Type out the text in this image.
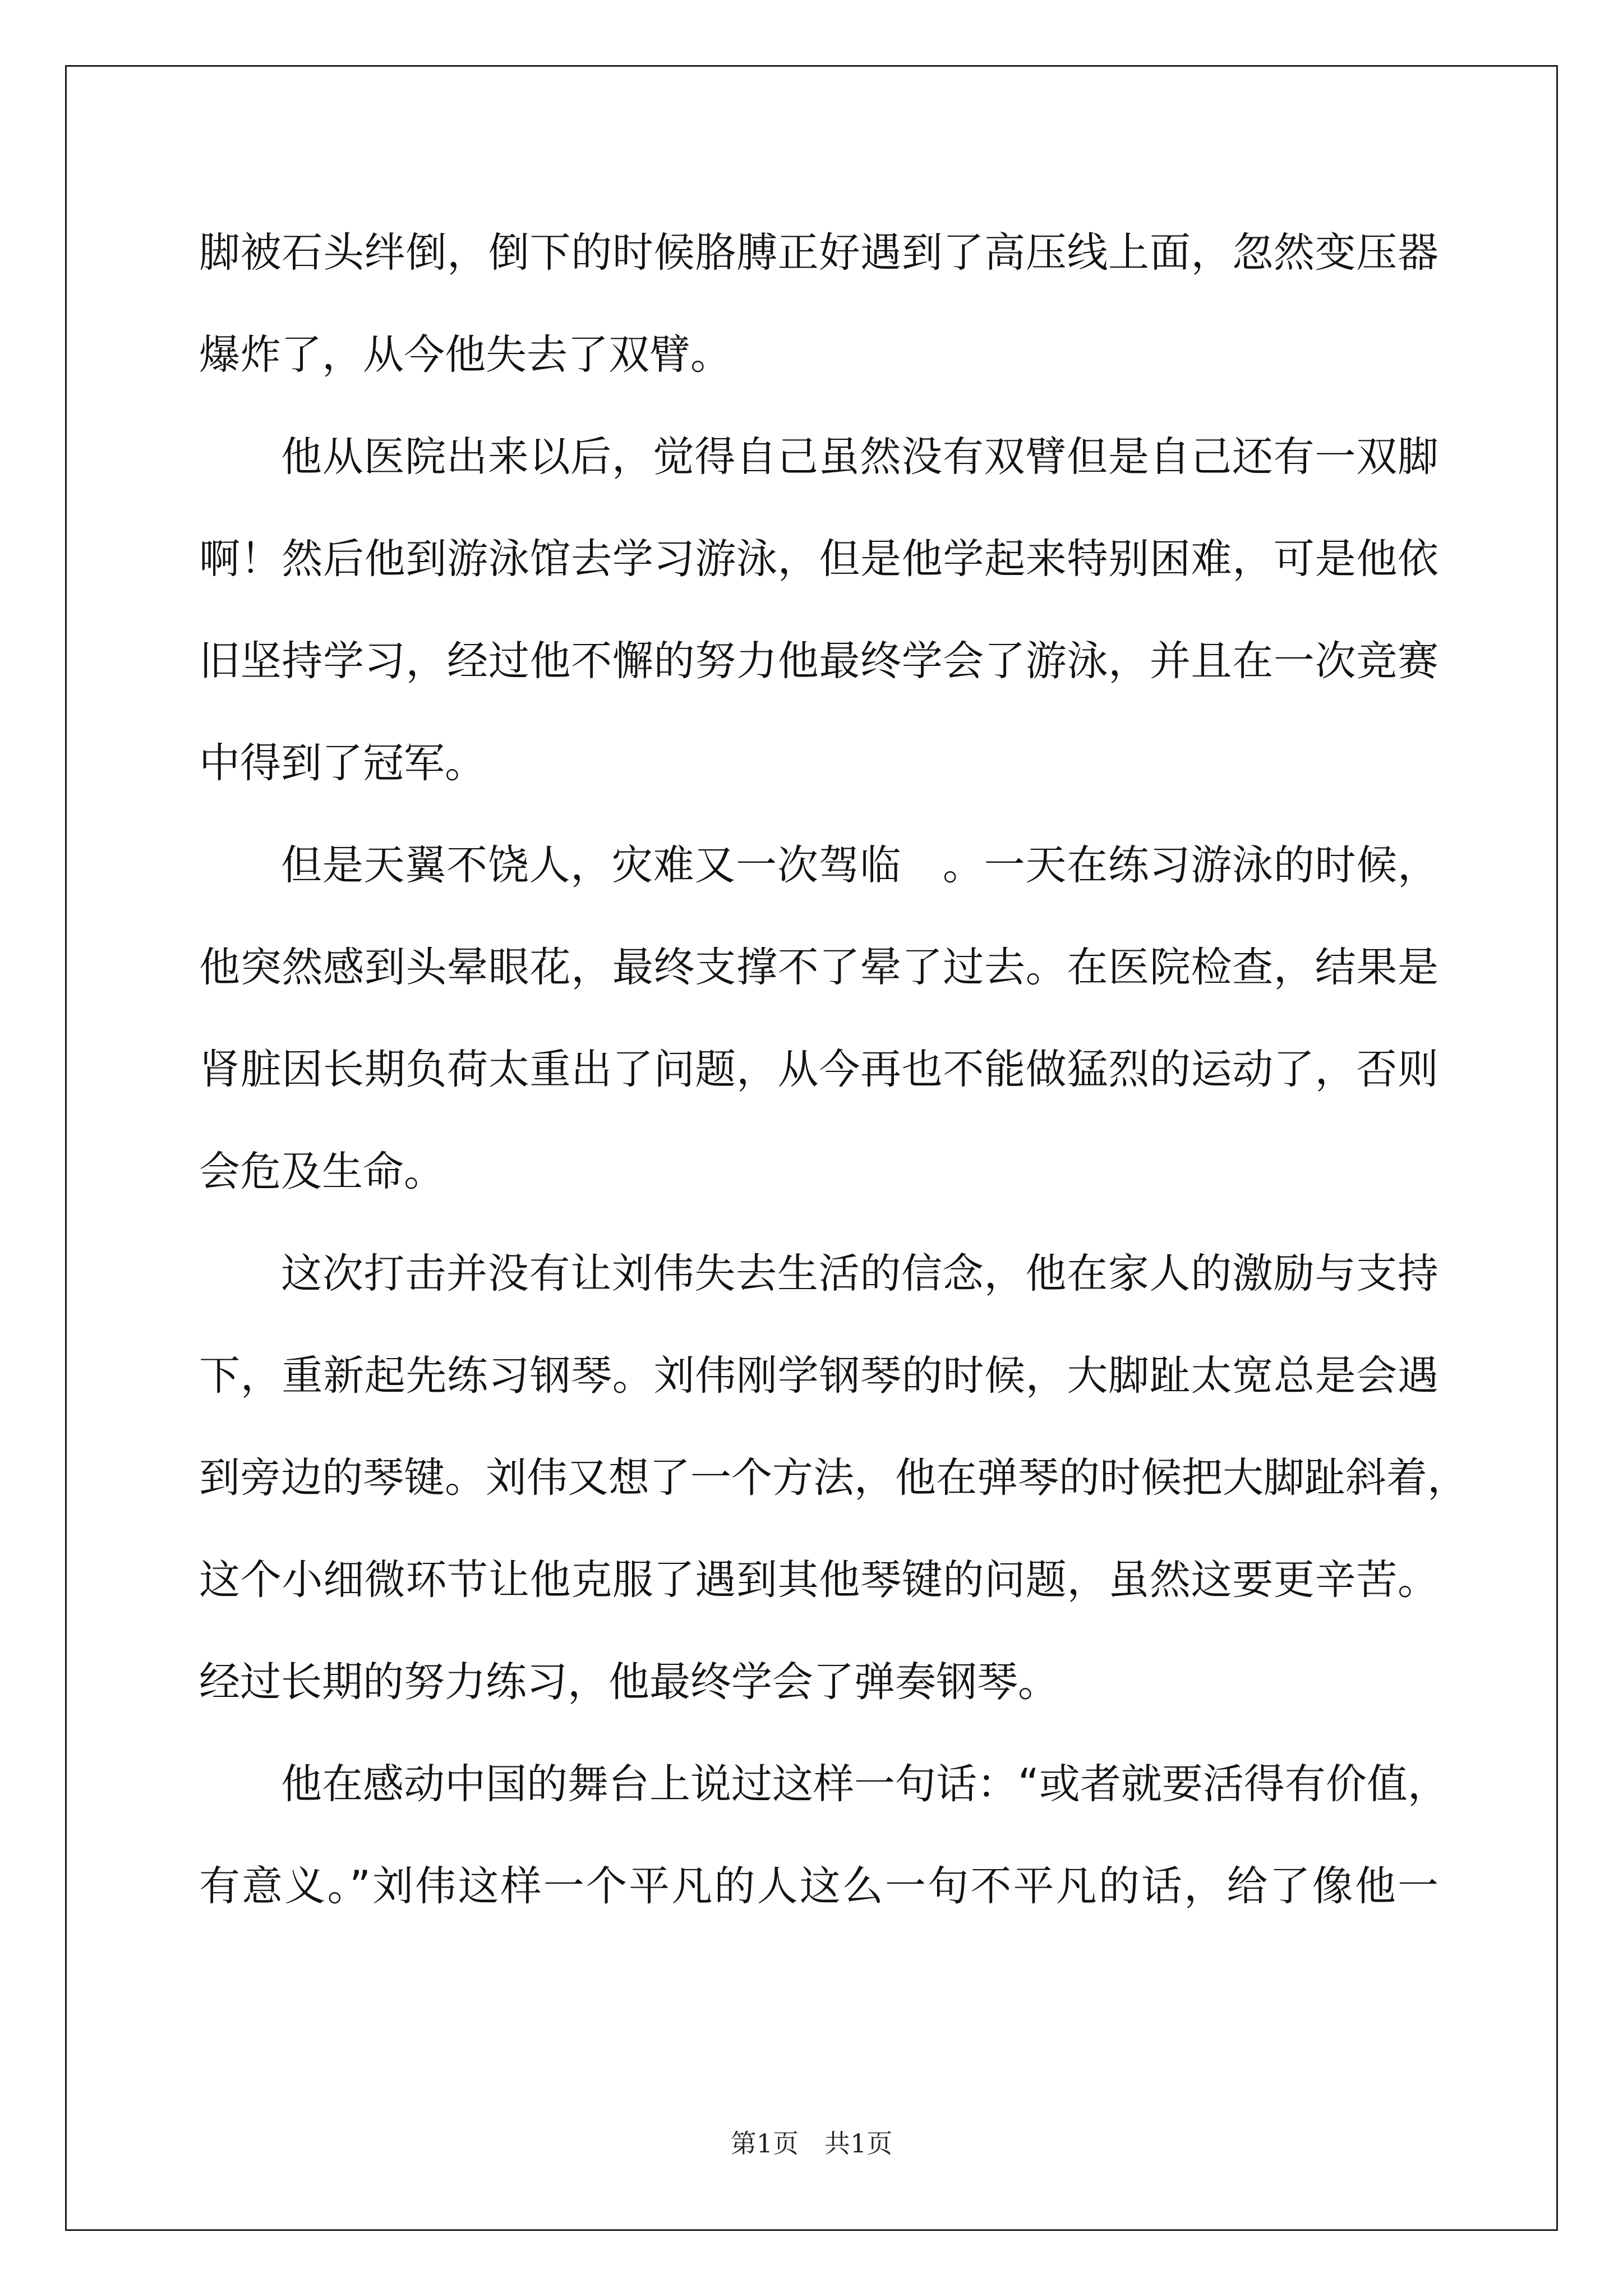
脚被石头绊倒，倒下的时候胳膊正好遇到了高压线上面，忽然变压器
爆炸了，从今他失去了双臂。
他从医院出来以后，觉得自己虽然没有双臂但是自己还有一双脚
啊！然后他到游泳馆去学习游泳，但是他学起来特别困难，可是他依
旧坚持学习，经过他不懈的努力他最终学会了游泳，并且在一次竞赛
中得到了冠军。
但是天翼不饶人，灾难又一次驾临　。一天在练习游泳的时候，
他突然感到头晕眼花，最终支撑不了晕了过去。在医院检查，结果是
肾脏因长期负荷太重出了问题，从今再也不能做猛烈的运动了，否则
会危及生命。
这次打击并没有让刘伟失去生活的信念，他在家人的激励与支持
下，重新起先练习钢琴。刘伟刚学钢琴的时候，大脚趾太宽总是会遇
到旁边的琴键。刘伟又想了一个方法，他在弹琴的时候把大脚趾斜着，
这个小细微环节让他克服了遇到其他琴键的问题，虽然这要更辛苦。
经过长期的努力练习，他最终学会了弹奏钢琴。
他在感动中国的舞台上说过这样一句话：“或者就要活得有价值，
有意义。”刘伟这样一个平凡的人这么一句不平凡的话，给了像他一
第1页　共1页
